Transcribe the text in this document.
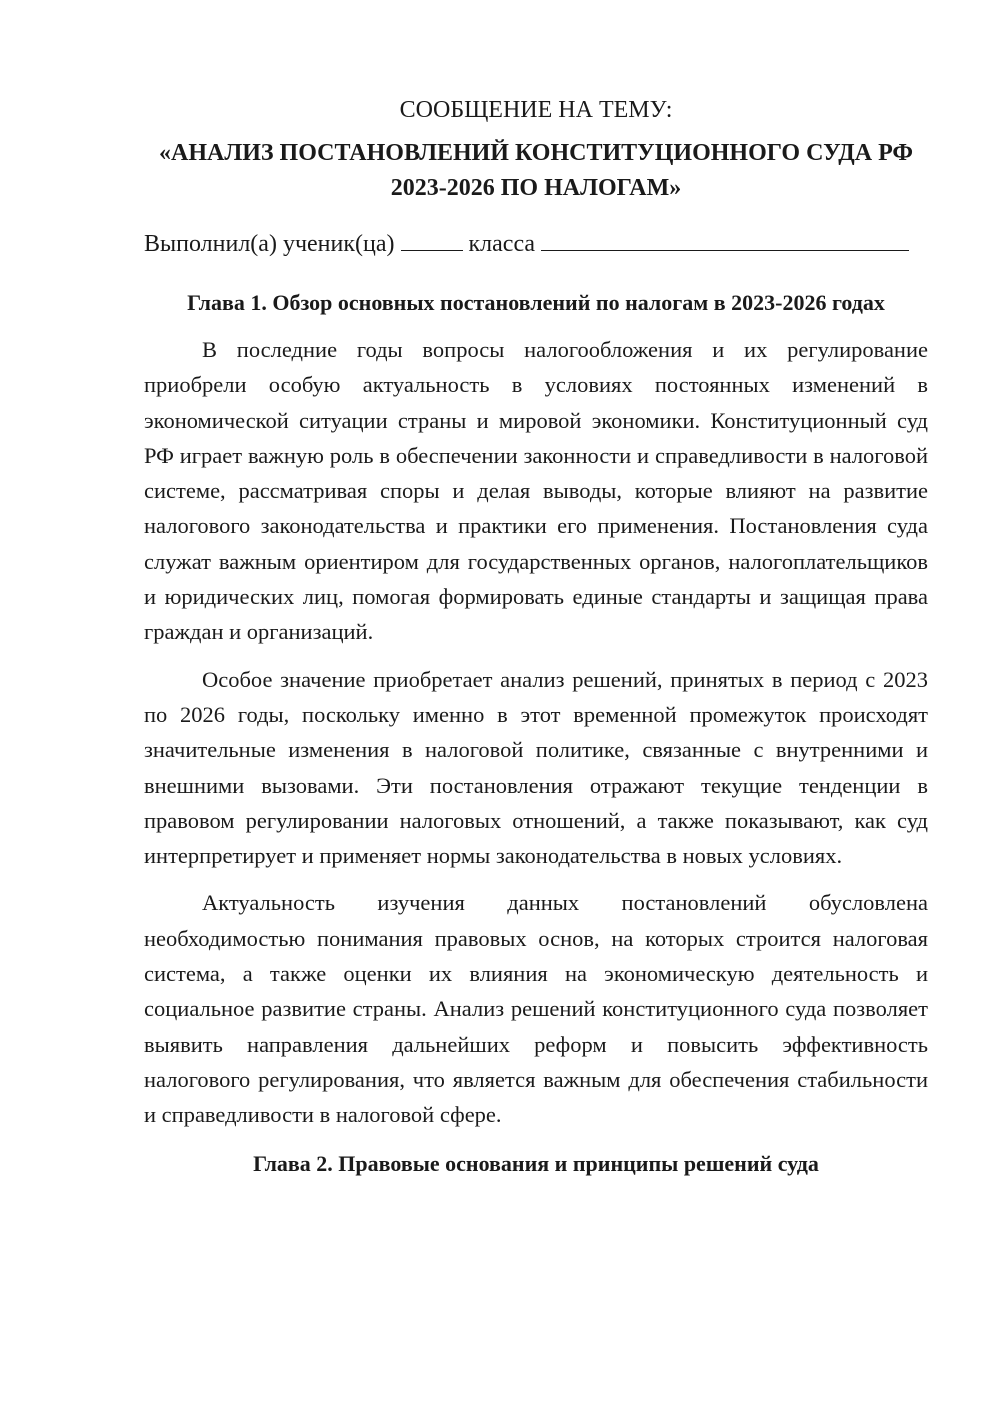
СООБЩЕНИЕ НА ТЕМУ:

«АНАЛИЗ ПОСТАНОВЛЕНИЙ КОНСТИТУЦИОННОГО СУДА РФ
2023-2026 ПО НАЛОГАМ»

Выполнил(а) ученик(ца)	класса

Глава 1. Обзор основных постановлений по налогам в 2023-2026 годах

В последние годы вопросы налогообложения и их регулирование приобрели особую актуальность в условиях постоянных изменений в экономической ситуации страны и мировой экономики. Конституционный суд РФ играет важную роль в обеспечении законности и справедливости в налоговой системе, рассматривая споры и делая выводы, которые влияют на развитие налогового законодательства и практики его применения. Постановления суда служат важным ориентиром для государственных органов, налогоплательщиков и юридических лиц, помогая формировать единые стандарты и защищая права граждан и организаций.

Особое значение приобретает анализ решений, принятых в период с 2023 по 2026 годы, поскольку именно в этот временной промежуток происходят значительные изменения в налоговой политике, связанные с внутренними и внешними вызовами. Эти постановления отражают текущие тенденции в правовом регулировании налоговых отношений, а также показывают, как суд интерпретирует и применяет нормы законодательства в новых условиях.

Актуальность изучения данных постановлений обусловлена необходимостью понимания правовых основ, на которых строится налоговая система, а также оценки их влияния на экономическую деятельность и социальное развитие страны. Анализ решений конституционного суда позволяет выявить направления дальнейших реформ и повысить эффективность налогового регулирования, что является важным для обеспечения стабильности и справедливости в налоговой сфере.

Глава 2. Правовые основания и принципы решений суда
